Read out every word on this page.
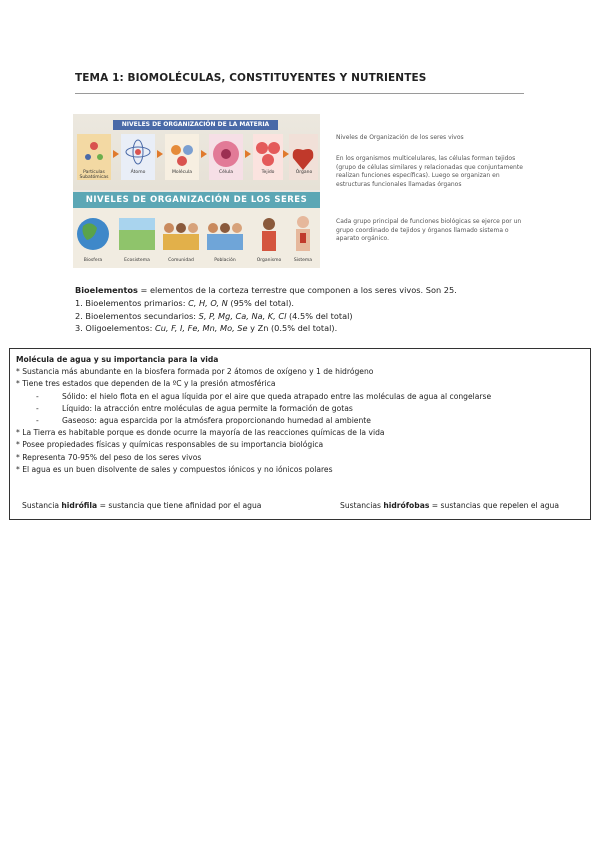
TEMA 1: BIOMOLÉCULAS, CONSTITUYENTES Y NUTRIENTES
NIVELES DE ORGANIZACIÓN DE LA MATERIA
Partículas Subatómicas
Átomo	Molécula	Célula	Tejido	Órgano
NIVELES DE ORGANIZACIÓN DE LOS SERES
Biosfera	Ecosistema	Comunidad	Población	Organismo	Sistema
Niveles de Organización de los seres vivos
En los organismos multicelulares, las células forman tejidos (grupo de células similares y relacionadas que conjuntamente realizan funciones específicas). Luego se organizan en estructuras funcionales llamadas órganos
Cada grupo principal de funciones biológicas se ejerce por un grupo coordinado de tejidos y órganos llamado sistema o aparato orgánico.
Bioelementos = elementos de la corteza terrestre que componen a los seres vivos. Son 25.
1. Bioelementos primarios: C, H, O, N (95% del total).
2. Bioelementos secundarios: S, P, Mg, Ca, Na, K, Cl (4.5% del total)
3. Oligoelementos: Cu, F, I, Fe, Mn, Mo, Se y Zn (0.5% del total).
Molécula de agua y su importancia para la vida
* Sustancia más abundante en la biosfera formada por 2 átomos de oxígeno y 1 de hidrógeno
* Tiene tres estados que dependen de la ºC y la presión atmosférica
-	Sólido: el hielo flota en el agua líquida por el aire que queda atrapado entre las moléculas de agua al congelarse
-	Líquido: la atracción entre moléculas de agua permite la formación de gotas
-	Gaseoso: agua esparcida por la atmósfera proporcionando humedad al ambiente
* La Tierra es habitable porque es donde ocurre la mayoría de las reacciones químicas de la vida
* Posee propiedades físicas y químicas responsables de su importancia biológica
* Representa 70-95% del peso de los seres vivos
* El agua es un buen disolvente de sales y compuestos iónicos y no iónicos polares
Sustancia hidrófila = sustancia que tiene afinidad por el agua	Sustancias hidrófobas = sustancias que repelen el agua
